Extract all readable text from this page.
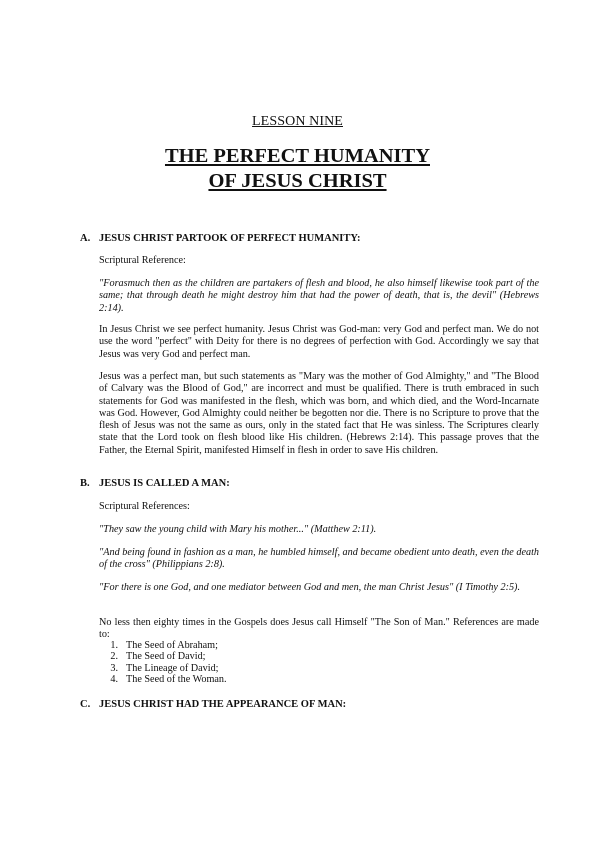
LESSON NINE
THE PERFECT HUMANITY
OF JESUS CHRIST
A. JESUS CHRIST PARTOOK OF PERFECT HUMANITY:
Scriptural Reference:
"Forasmuch then as the children are partakers of flesh and blood, he also himself likewise took part of the same; that through death he might destroy him that had the power of death, that is, the devil" (Hebrews 2:14).
In Jesus Christ we see perfect humanity. Jesus Christ was God-man: very God and perfect man. We do not use the word "perfect" with Deity for there is no degrees of perfection with God. Accordingly we say that Jesus was very God and perfect man.
Jesus was a perfect man, but such statements as "Mary was the mother of God Almighty," and "The Blood of Calvary was the Blood of God," are incorrect and must be qualified. There is truth embraced in such statements for God was manifested in the flesh, which was born, and which died, and the Word-Incarnate was God. However, God Almighty could neither be begotten nor die. There is no Scripture to prove that the flesh of Jesus was not the same as ours, only in the stated fact that He was sinless. The Scriptures clearly state that the Lord took on flesh blood like His children. (Hebrews 2:14). This passage proves that the Father, the Eternal Spirit, manifested Himself in flesh in order to save His children.
B. JESUS IS CALLED A MAN:
Scriptural References:
"They saw the young child with Mary his mother..." (Matthew 2:11).
"And being found in fashion as a man, he humbled himself, and became obedient unto death, even the death of the cross" (Philippians 2:8).
"For there is one God, and one mediator between God and men, the man Christ Jesus" (I Timothy 2:5).
No less then eighty times in the Gospels does Jesus call Himself "The Son of Man." References are made to:
1. The Seed of Abraham;
2. The Seed of David;
3. The Lineage of David;
4. The Seed of the Woman.
C. JESUS CHRIST HAD THE APPEARANCE OF MAN:
